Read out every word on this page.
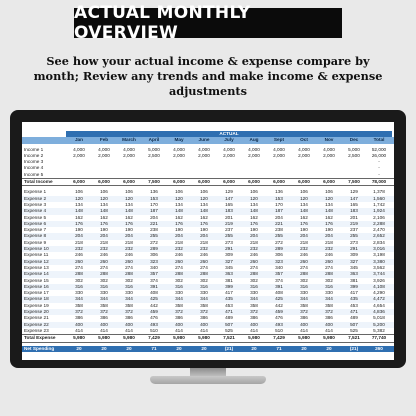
ACTUAL MONTHLY OVERVIEW
See how your actual income & expense compare by month; Review any trends and make income & expense adjustments
ACTUAL
Jan	Feb	March	April	May	June	July	Aug	Sept	Oct	Nov	Dec	Total
Income 1	4,000	4,000	4,000	5,000	4,000	4,000	4,000	4,000	4,000	4,000	4,000	5,000	52,000
Income 2	2,000	2,000	2,000	2,500	2,000	2,000	2,000	2,000	2,000	2,000	2,000	2,500	26,000
Income 3	-
Income 4	-
Income 5	-
Total Income	6,000	6,000	6,000	7,500	6,000	6,000	6,000	6,000	6,000	6,000	6,000	7,500	78,000
Expense 1	106	106	106	136	106	106	129	106	136	106	106	129	1,378
Expense 2	120	120	120	153	120	120	147	120	153	120	120	147	1,560
Expense 3	134	134	134	170	134	134	165	134	170	134	134	165	1,742
Expense 4	148	148	148	187	148	148	183	148	187	148	148	183	1,924
Expense 5	162	162	162	204	162	162	201	162	204	162	162	201	2,106
Expense 6	176	176	176	221	176	176	219	176	221	176	176	219	2,288
Expense 7	190	190	190	238	190	190	237	190	238	190	190	237	2,470
Expense 8	204	204	204	255	204	204	255	204	255	204	204	255	2,652
Expense 9	218	218	218	272	218	218	273	218	272	218	218	273	2,834
Expense 10	232	232	232	289	232	232	291	232	289	232	232	291	3,016
Expense 11	246	246	246	306	246	246	309	246	306	246	246	309	3,198
Expense 12	260	260	260	323	260	260	327	260	323	260	260	327	3,380
Expense 13	274	274	274	340	274	274	345	274	340	274	274	345	3,562
Expense 14	288	288	288	357	288	288	363	288	357	288	288	363	3,744
Expense 15	302	302	302	374	302	302	381	302	374	302	302	381	3,926
Expense 16	316	316	316	391	316	316	399	316	391	316	316	399	4,108
Expense 17	330	330	330	408	330	330	417	330	408	330	330	417	4,290
Expense 18	344	344	344	425	344	344	435	344	425	344	344	435	4,472
Expense 19	358	358	358	442	358	358	453	358	442	358	358	453	4,654
Expense 20	372	372	372	459	372	372	471	372	459	372	372	471	4,836
Expense 21	386	386	386	476	386	386	489	386	476	386	386	489	5,018
Expense 22	400	400	400	493	400	400	507	400	493	400	400	507	5,200
Expense 23	414	414	414	510	414	414	525	414	510	414	414	525	5,382
Total Expense	5,980	5,980	5,980	7,429	5,980	5,980	7,521	5,980	7,429	5,980	5,980	7,521	77,740
Net Spending	20	20	20	71	20	20	(21)	20	71	20	20	(21)	260
